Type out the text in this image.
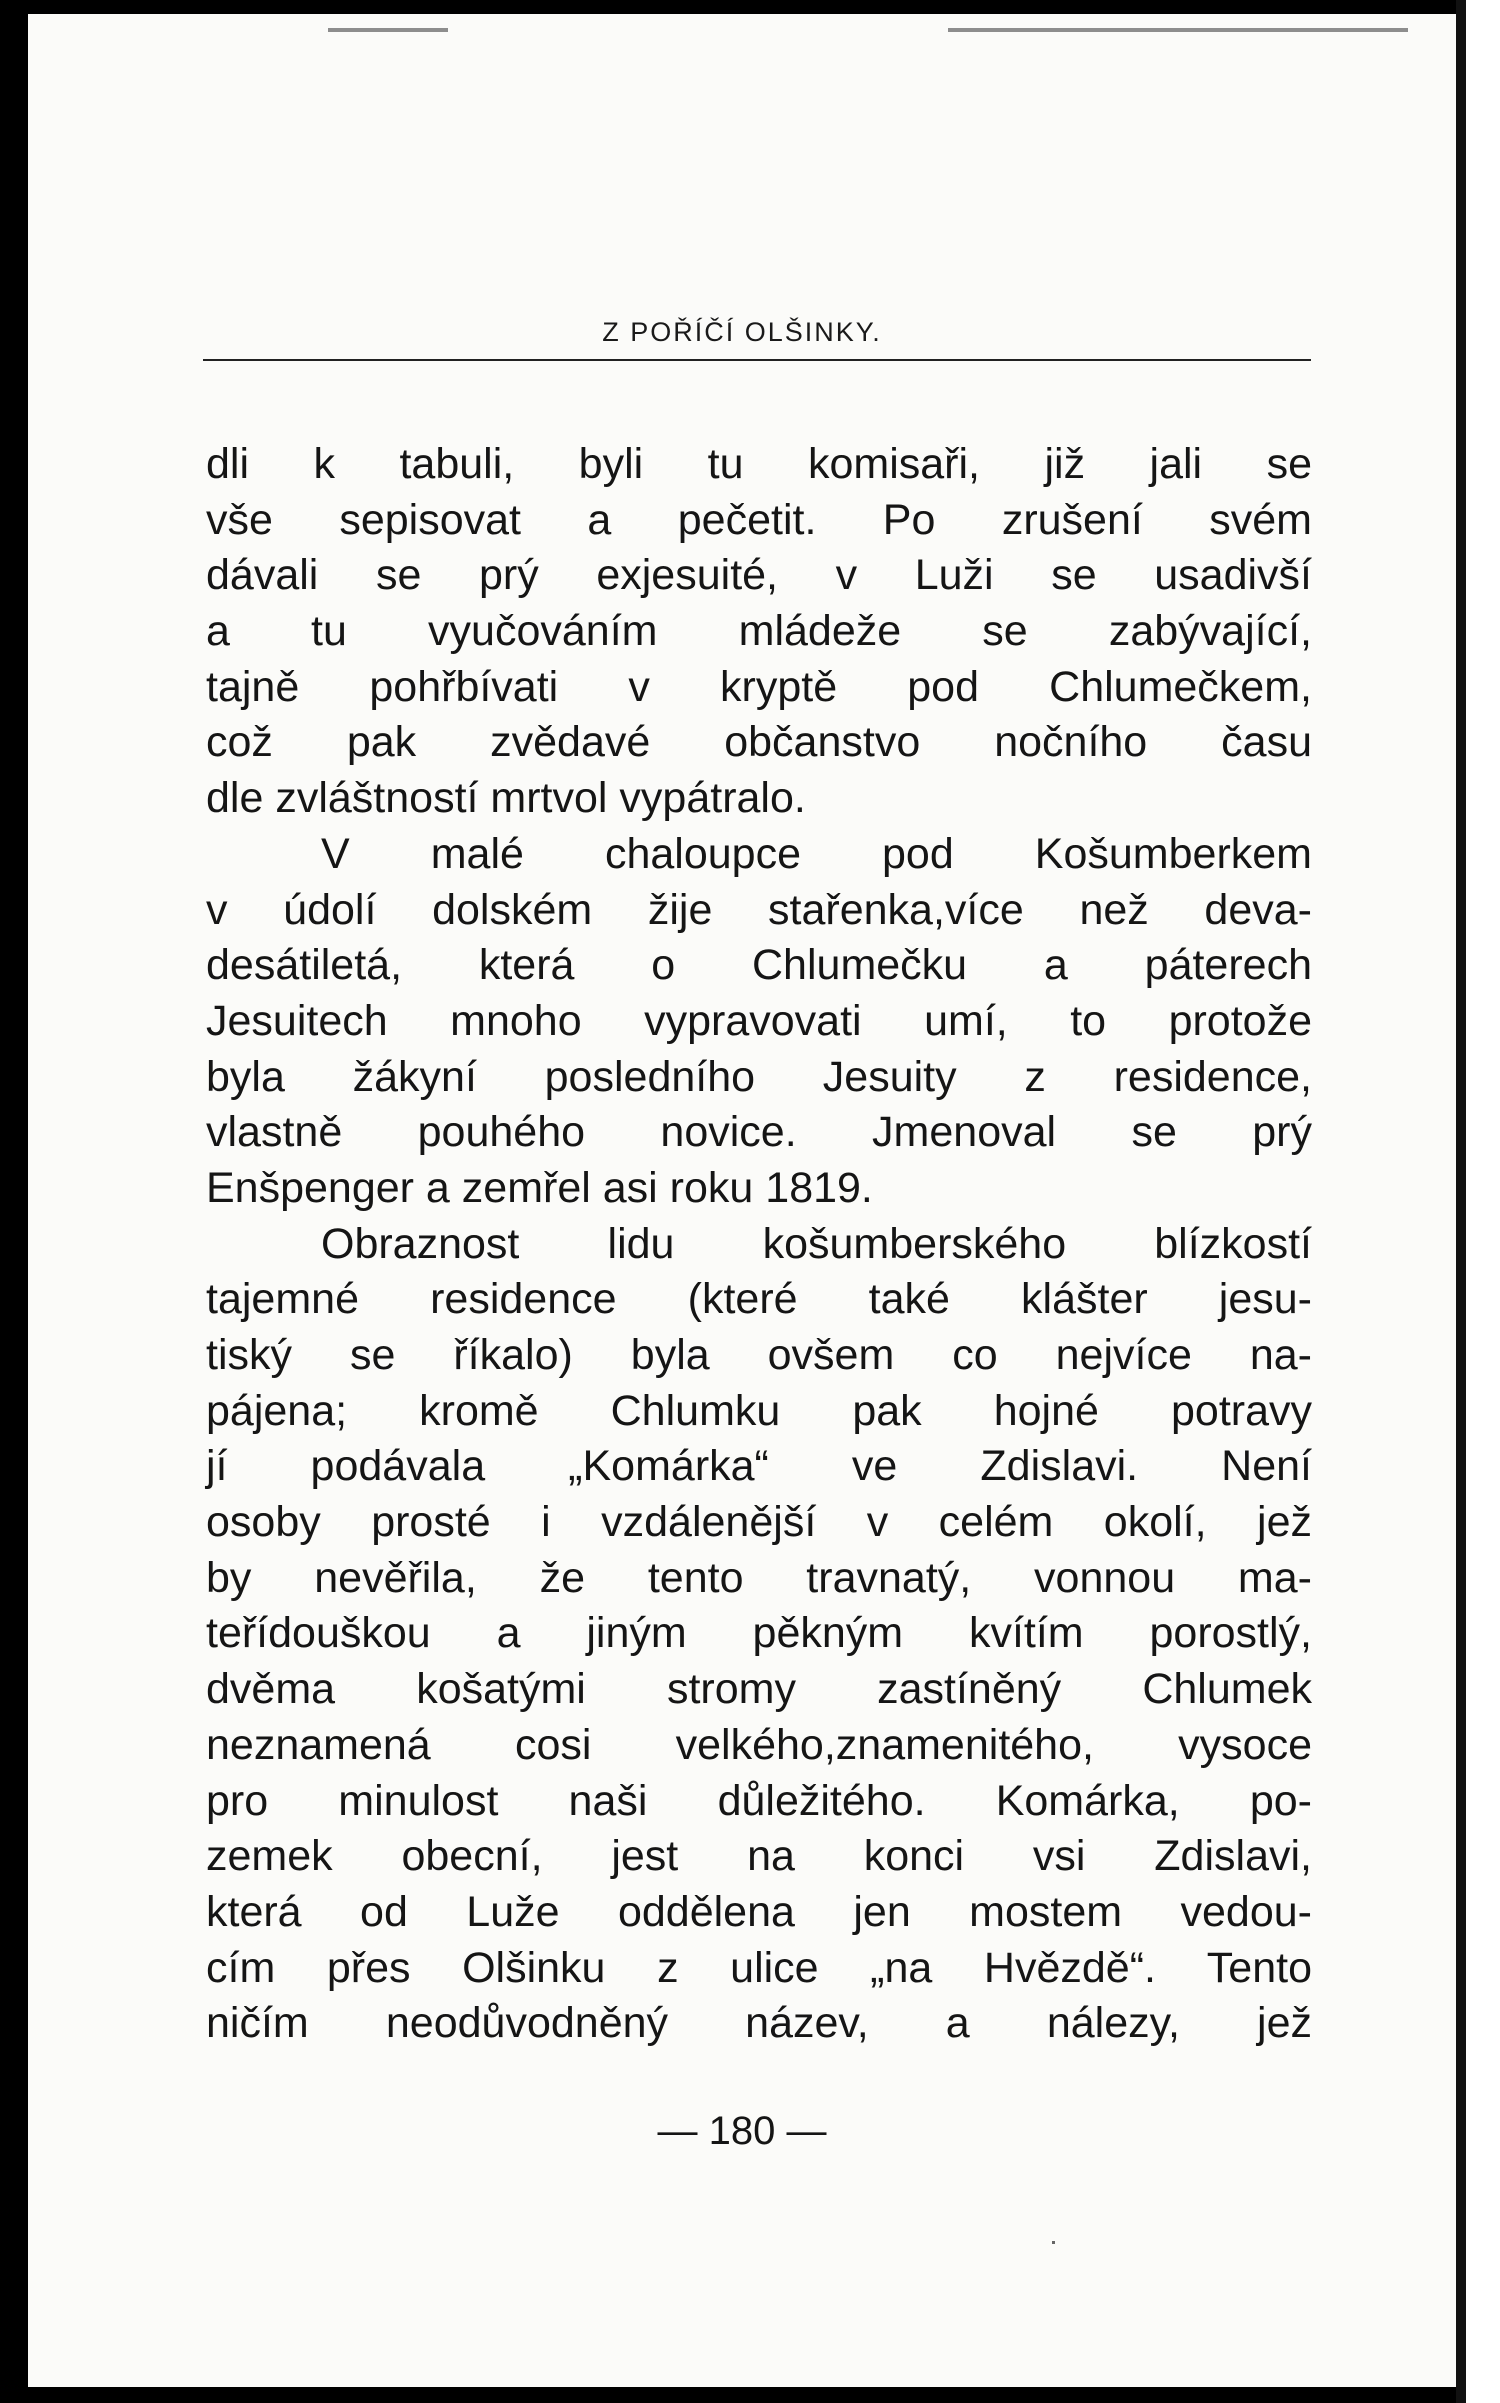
Z POŘÍČÍ OLŠINKY.
dli k tabuli, byli tu komisaři, již jali se
vše sepisovat a pečetit. Po zrušení svém
dávali se prý exjesuité, v Luži se usadivší
a tu vyučováním mládeže se zabývající,
tajně pohřbívati v kryptě pod Chlumečkem,
což pak zvědavé občanstvo nočního času
dle zvláštností mrtvol vypátralo.
V malé chaloupce pod Košumberkem
v údolí dolském žije stařenka,více než deva-
desátiletá, která o Chlumečku a páterech
Jesuitech mnoho vypravovati umí, to protože
byla žákyní posledního Jesuity z residence,
vlastně pouhého novice. Jmenoval se prý
Enšpenger a zemřel asi roku 1819.
Obraznost lidu košumberského blízkostí
tajemné residence (které také klášter jesu-
tiský se říkalo) byla ovšem co nejvíce na-
pájena; kromě Chlumku pak hojné potravy
jí podávala „Komárka“ ve Zdislavi. Není
osoby prosté i vzdálenější v celém okolí, jež
by nevěřila, že tento travnatý, vonnou ma-
teřídouškou a jiným pěkným kvítím porostlý,
dvěma košatými stromy zastíněný Chlumek
neznamená cosi velkého,znamenitého, vysoce
pro minulost naši důležitého. Komárka, po-
zemek obecní, jest na konci vsi Zdislavi,
která od Luže oddělena jen mostem vedou-
cím přes Olšinku z ulice „na Hvězdě“. Tento
ničím neodůvodněný název, a nálezy, jež
— 180 —
